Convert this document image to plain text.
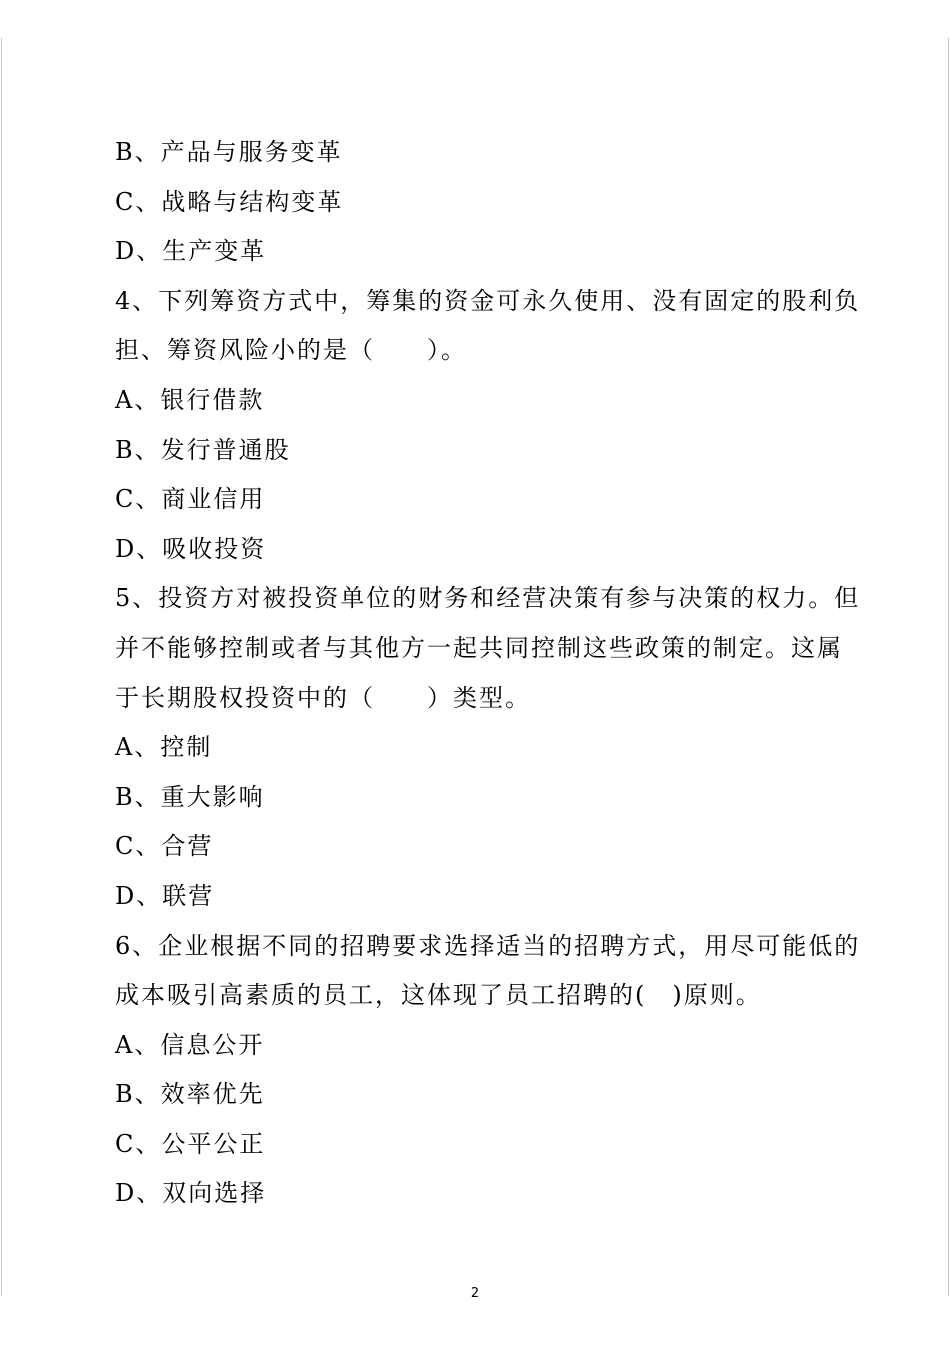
B、产品与服务变革
C、战略与结构变革
D、生产变革
4、下列筹资方式中，筹集的资金可永久使用、没有固定的股利负
担、筹资风险小的是（　　）。
A、银行借款
B、发行普通股
C、商业信用
D、吸收投资
5、投资方对被投资单位的财务和经营决策有参与决策的权力。但
并不能够控制或者与其他方一起共同控制这些政策的制定。这属
于长期股权投资中的（　　）类型。
A、控制
B、重大影响
C、合营
D、联营
6、企业根据不同的招聘要求选择适当的招聘方式，用尽可能低的
成本吸引高素质的员工，这体现了员工招聘的(　)原则。
A、信息公开
B、效率优先
C、公平公正
D、双向选择
2
